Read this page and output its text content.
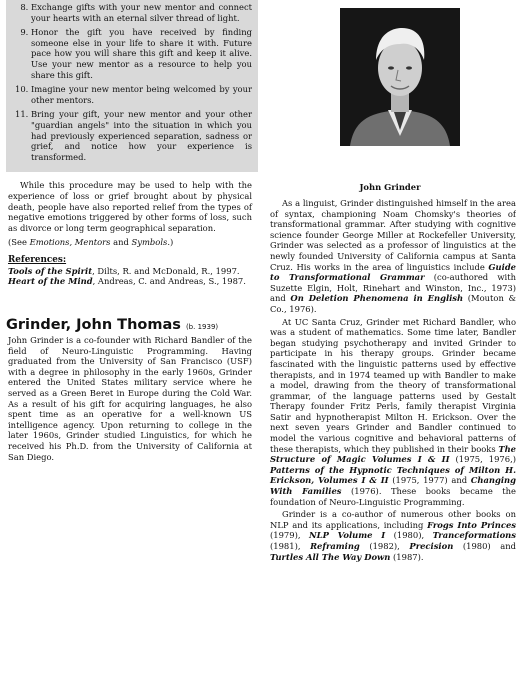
8. Exchange gifts with your new mentor and connect your hearts with an eternal silver thread of light.
9. Honor the gift you have received by finding someone else in your life to share it with. Future pace how you will share this gift and keep it alive. Use your new mentor as a resource to help you share this gift.
10. Imagine your new mentor being welcomed by your other mentors.
11. Bring your gift, your new mentor and your other "guardian angels" into the situation in which you had previously experienced separation, sadness or grief, and notice how your experience is transformed.

While this procedure may be used to help with the experience of loss or grief brought about by physical death, people have also reported relief from the types of negative emotions triggered by other forms of loss, such as divorce or long term geographical separation.

(See Emotions, Mentors and Symbols.)

References:

Tools of the Spirit, Dilts, R. and McDonald, R., 1997.

Heart of the Mind, Andreas, C. and Andreas, S., 1987.

Grinder, John Thomas (b. 1939)

John Grinder is a co-founder with Richard Bandler of the field of Neuro-Linguistic Programming. Having graduated from the University of San Francisco (USF) with a degree in philosophy in the early 1960s, Grinder entered the United States military service where he served as a Green Beret in Europe during the Cold War. As a result of his gift for acquiring languages, he also spent time as an operative for a well-known US intelligence agency. Upon returning to college in the later 1960s, Grinder studied Linguistics, for which he received his Ph.D. from the University of California at San Diego.

John Grinder

As a linguist, Grinder distinguished himself in the area of syntax, championing Noam Chomsky's theories of transformational grammar. After studying with cognitive science founder George Miller at Rockefeller University, Grinder was selected as a professor of linguistics at the newly founded University of California campus at Santa Cruz. His works in the area of linguistics include Guide to Transformational Grammar (co-authored with Suzette Elgin, Holt, Rinehart and Winston, Inc., 1973) and On Deletion Phenomena in English (Mouton & Co., 1976).

At UC Santa Cruz, Grinder met Richard Bandler, who was a student of mathematics. Some time later, Bandler began studying psychotherapy and invited Grinder to participate in his therapy groups. Grinder became fascinated with the linguistic patterns used by effective therapists, and in 1974 teamed up with Bandler to make a model, drawing from the theory of transformational grammar, of the language patterns used by Gestalt Therapy founder Fritz Perls, family therapist Virginia Satir and hypnotherapist Milton H. Erickson. Over the next seven years Grinder and Bandler continued to model the various cognitive and behavioral patterns of these therapists, which they published in their books The Structure of Magic Volumes I & II (1975, 1976,) Patterns of the Hypnotic Techniques of Milton H. Erickson, Volumes I & II (1975, 1977) and Changing With Families (1976). These books became the foundation of Neuro-Linguistic Programming.

Grinder is a co-author of numerous other books on NLP and its applications, including Frogs Into Princes (1979), NLP Volume I (1980), Tranceformations (1981), Reframing (1982), Precision (1980) and Turtles All The Way Down (1987).
